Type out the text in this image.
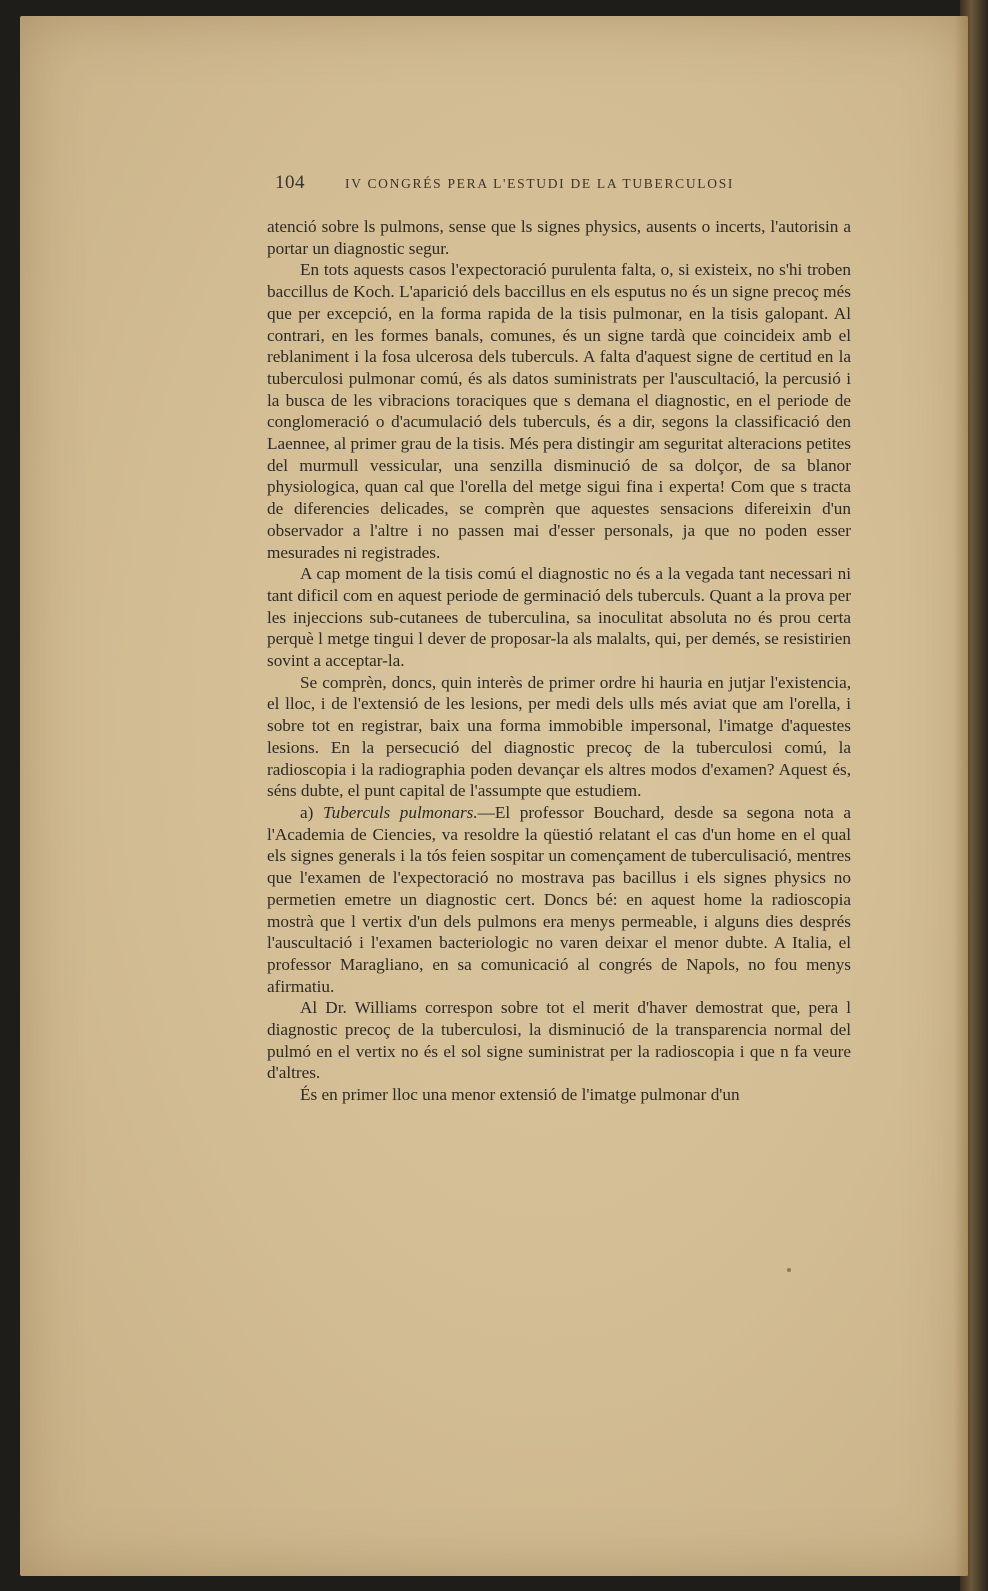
104	IV CONGRÉS PERA L'ESTUDI DE LA TUBERCULOSI

atenció sobre ls pulmons, sense que ls signes physics, ausents o incerts, l'autorisin a portar un diagnostic segur.

En tots aquests casos l'expectoració purulenta falta, o, si existeix, no s'hi troben baccillus de Koch. L'aparició dels baccillus en els esputus no és un signe precoç més que per excepció, en la forma rapida de la tisis pulmonar, en la tisis galopant. Al contrari, en les formes banals, comunes, és un signe tardà que coincideix amb el reblaniment i la fosa ulcerosa dels tuberculs. A falta d'aquest signe de certitud en la tuberculosi pulmonar comú, és als datos suministrats per l'auscultació, la percusió i la busca de les vibracions toraciques que s demana el diagnostic, en el periode de conglomeració o d'acumulació dels tuberculs, és a dir, segons la classificació den Laennee, al primer grau de la tisis. Més pera distingir am seguritat alteracions petites del murmull vessicular, una senzilla disminució de sa dolçor, de sa blanor physiologica, quan cal que l'orella del metge sigui fina i experta! Com que s tracta de diferencies delicades, se comprèn que aquestes sensacions difereixin d'un observador a l'altre i no passen mai d'esser personals, ja que no poden esser mesurades ni registrades.

A cap moment de la tisis comú el diagnostic no és a la vegada tant necessari ni tant dificil com en aquest periode de germinació dels tuberculs. Quant a la prova per les injeccions sub-cutanees de tuberculina, sa inoculitat absoluta no és prou certa perquè l metge tingui l dever de proposar-la als malalts, qui, per demés, se resistirien sovint a acceptar-la.

Se comprèn, doncs, quin interès de primer ordre hi hauria en jutjar l'existencia, el lloc, i de l'extensió de les lesions, per medi dels ulls més aviat que am l'orella, i sobre tot en registrar, baix una forma immobible impersonal, l'imatge d'aquestes lesions. En la persecució del diagnostic precoç de la tuberculosi comú, la radioscopia i la radiographia poden devançar els altres modos d'examen? Aquest és, séns dubte, el punt capital de l'assumpte que estudiem.

a) Tuberculs pulmonars.—El professor Bouchard, desde sa segona nota a l'Academia de Ciencies, va resoldre la qüestió relatant el cas d'un home en el qual els signes generals i la tós feien sospitar un començament de tuberculisació, mentres que l'examen de l'expectoració no mostrava pas bacillus i els signes physics no permetien emetre un diagnostic cert. Doncs bé: en aquest home la radioscopia mostrà que l vertix d'un dels pulmons era menys permeable, i alguns dies després l'auscultació i l'examen bacteriologic no varen deixar el menor dubte. A Italia, el professor Maragliano, en sa comunicació al congrés de Napols, no fou menys afirmatiu.

Al Dr. Williams correspon sobre tot el merit d'haver demostrat que, pera l diagnostic precoç de la tuberculosi, la disminució de la transparencia normal del pulmó en el vertix no és el sol signe suministrat per la radioscopia i que n fa veure d'altres.

És en primer lloc una menor extensió de l'imatge pulmonar d'un
